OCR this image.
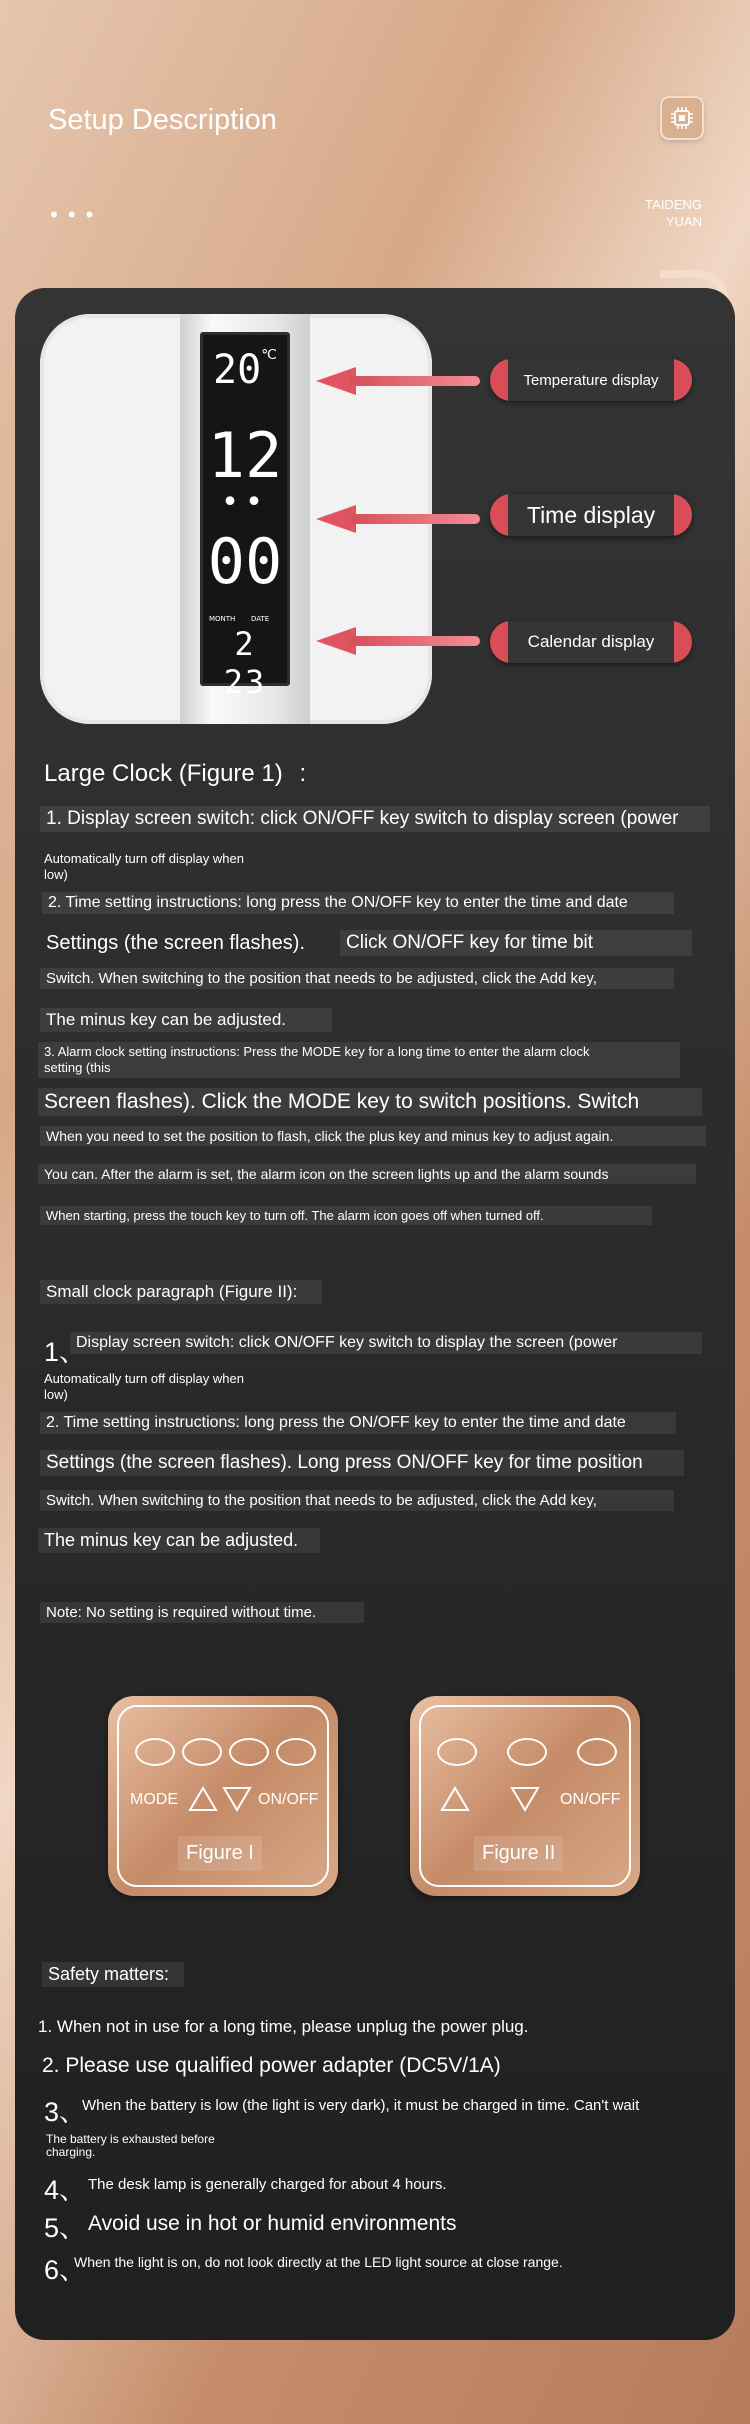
Setup Description
• • •	TAIDENG
YUAN
20℃
12
••
00
MONTH DATE
2 23
Temperature display
Time display
Calendar display
Large Clock (Figure 1) :
1. Display screen switch: click ON/OFF key switch to display screen (power
Automatically turn off display when
low)
2. Time setting instructions: long press the ON/OFF key to enter the time and date
Settings (the screen flashes).	Click ON/OFF key for time bit
Switch. When switching to the position that needs to be adjusted, click the Add key,
The minus key can be adjusted.
3. Alarm clock setting instructions: Press the MODE key for a long time to enter the alarm clock
setting (this
Screen flashes). Click the MODE key to switch positions. Switch
When you need to set the position to flash, click the plus key and minus key to adjust again.
You can. After the alarm is set, the alarm icon on the screen lights up and the alarm sounds
When starting, press the touch key to turn off. The alarm icon goes off when turned off.
Small clock paragraph (Figure II):
1、
Display screen switch: click ON/OFF key switch to display the screen (power
Automatically turn off display when
low)
2. Time setting instructions: long press the ON/OFF key to enter the time and date
Settings (the screen flashes). Long press ON/OFF key for time position
Switch. When switching to the position that needs to be adjusted, click the Add key,
The minus key can be adjusted.
Note: No setting is required without time.
MODE	ON/OFF
Figure I
ON/OFF
Figure II
Safety matters:
1. When not in use for a long time, please unplug the power plug.
2. Please use qualified power adapter (DC5V/1A)
3、
When the battery is low (the light is very dark), it must be charged in time. Can't wait
The battery is exhausted before
charging.
4、 The desk lamp is generally charged for about 4 hours.
5、 Avoid use in hot or humid environments
6、
When the light is on, do not look directly at the LED light source at close range.
